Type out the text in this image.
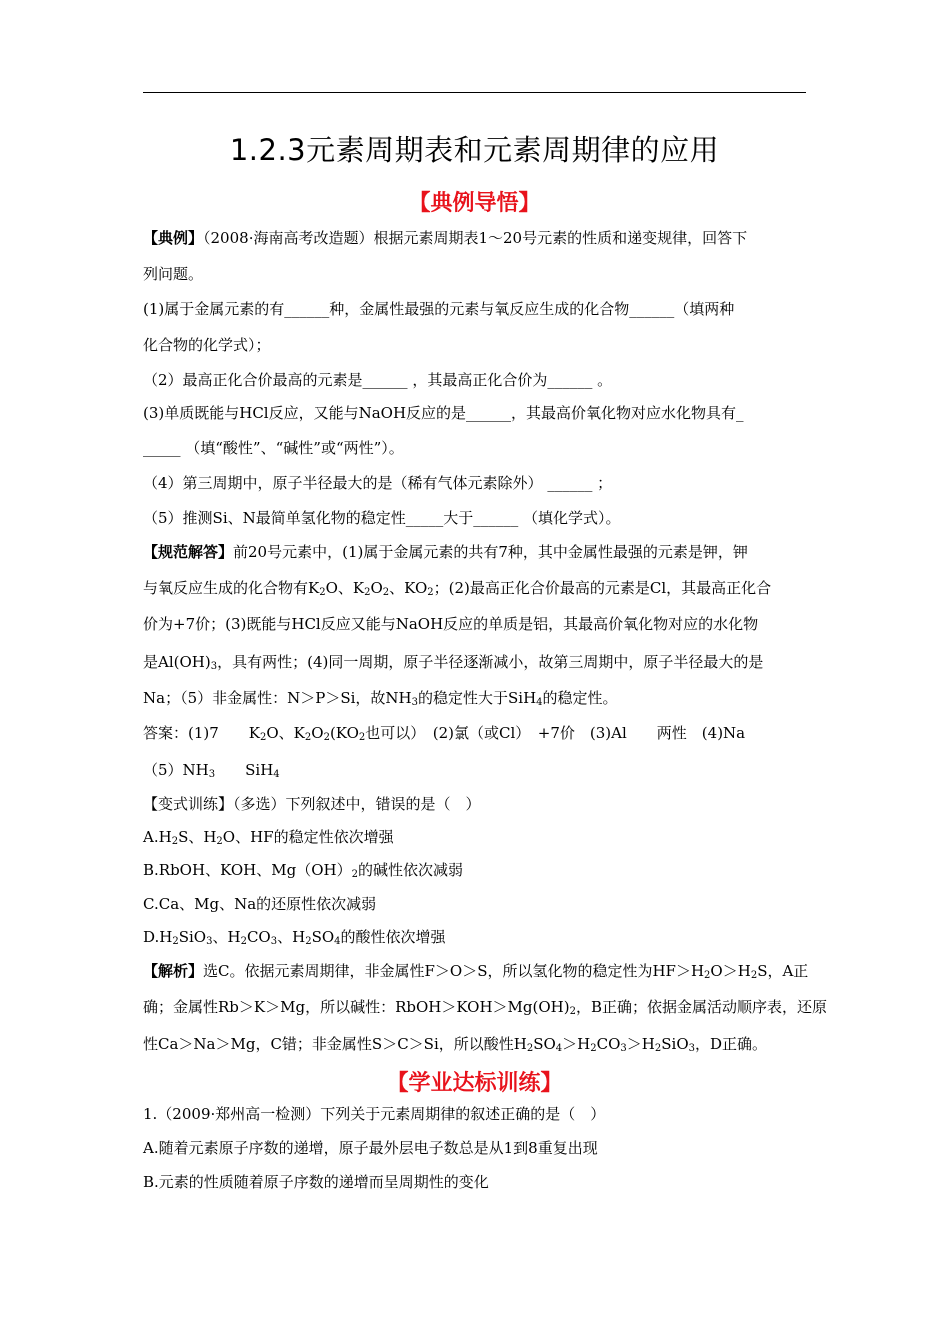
1.2.3元素周期表和元素周期律的应用
【典例导悟】
【典例】（2008·海南高考改造题）根据元素周期表1～20号元素的性质和递变规律，回答下
列问题。
(1)属于金属元素的有______种，金属性最强的元素与氧反应生成的化合物______（填两种
化合物的化学式）；
（2）最高正化合价最高的元素是______ ，其最高正化合价为______ 。
(3)单质既能与HCl反应，又能与NaOH反应的是______，其最高价氧化物对应水化物具有_
_____ （填“酸性”、“碱性”或“两性”）。
（4）第三周期中，原子半径最大的是（稀有气体元素除外） ______ ；
（5）推测Si、N最简单氢化物的稳定性_____大于______ （填化学式）。
【规范解答】前20号元素中，(1)属于金属元素的共有7种，其中金属性最强的元素是钾，钾
与氧反应生成的化合物有$K_2O$、$K_2O_2$、$KO_2$；(2)最高正化合价最高的元素是Cl，其最高正化合
价为+7价；(3)既能与HCl反应又能与NaOH反应的单质是铝，其最高价氧化物对应的水化物
是$Al(OH)_3$，具有两性；(4)同一周期，原子半径逐渐减小，故第三周期中，原子半径最大的是
Na；（5）非金属性：N＞P＞Si，故$NH_3$的稳定性大于SiH$_4$的稳定性。
答案：(1)7　　$K_2O$、$K_2O_2(KO_2$也可以）　(2)氯（或Cl）　+7价　(3)Al　　两性　(4)Na
$(5)NH_3$　　SiH$_4$
【变式训练】（多选）下列叙述中，错误的是（　）
$A.H_2S$、$H_2O$、HF的稳定性依次增强
B.RbOH、KOH、$Mg(OH)_2$的碱性依次减弱
C.Ca、Mg、Na的还原性依次减弱
$D.H_2SiO_3$、$H_2CO_3$、$H_2SO_4$的酸性依次增强
【解析】选C。依据元素周期律，非金属性F＞O＞S，所以氢化物的稳定性为$HF>H_2O>H_2S$，A正
确；金属性Rb＞K＞Mg，所以碱性：$RbOH>KOH>Mg(OH)_2$，B正确；依据金属活动顺序表，还原
性Ca＞Na＞Mg，C错；非金属性S＞C＞Si，所以酸性$H_2SO_4>H_2CO_3>H_2SiO_3$，D正确。
【学业达标训练】
1.（2009·郑州高一检测）下列关于元素周期律的叙述正确的是（　）
A.随着元素原子序数的递增，原子最外层电子数总是从1到8重复出现
B.元素的性质随着原子序数的递增而呈周期性的变化
